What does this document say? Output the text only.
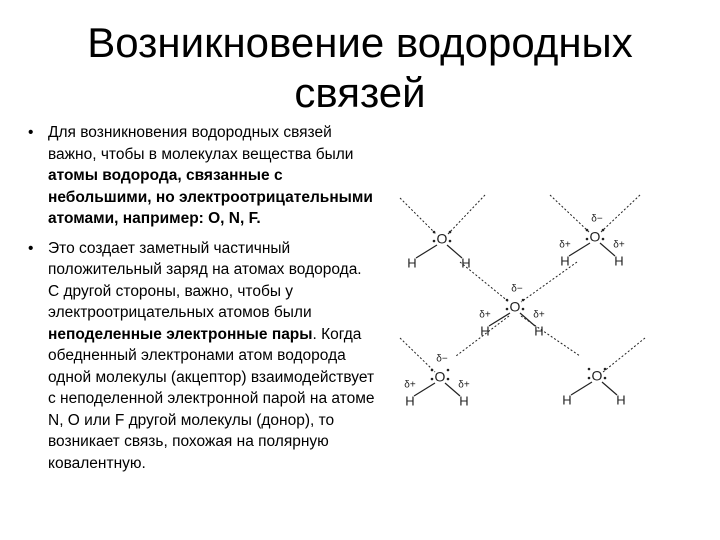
Возникновение водородных
связей
• Для возникновения водородных связей важно, чтобы в молекулах вещества были атомы водорода, связанные с небольшими, но электроотрицательными атомами, например: О, N, F.
• Это создает заметный частичный положительный заряд на атомах водорода. С другой стороны, важно, чтобы у электроотрицательных атомов были неподеленные электронные пары. Когда обедненный электронами атом водорода одной молекулы (акцептор) взаимодействует с неподеленной электронной парой на атоме N, O или F другой молекулы (донор), то возникает связь, похожая на полярную ковалентную.
O
H	H
O
H	H
δ−
δ+	δ+
O
H	H
δ−
δ+	δ+
O
H	H
δ−
δ+	δ+
O
H	H
